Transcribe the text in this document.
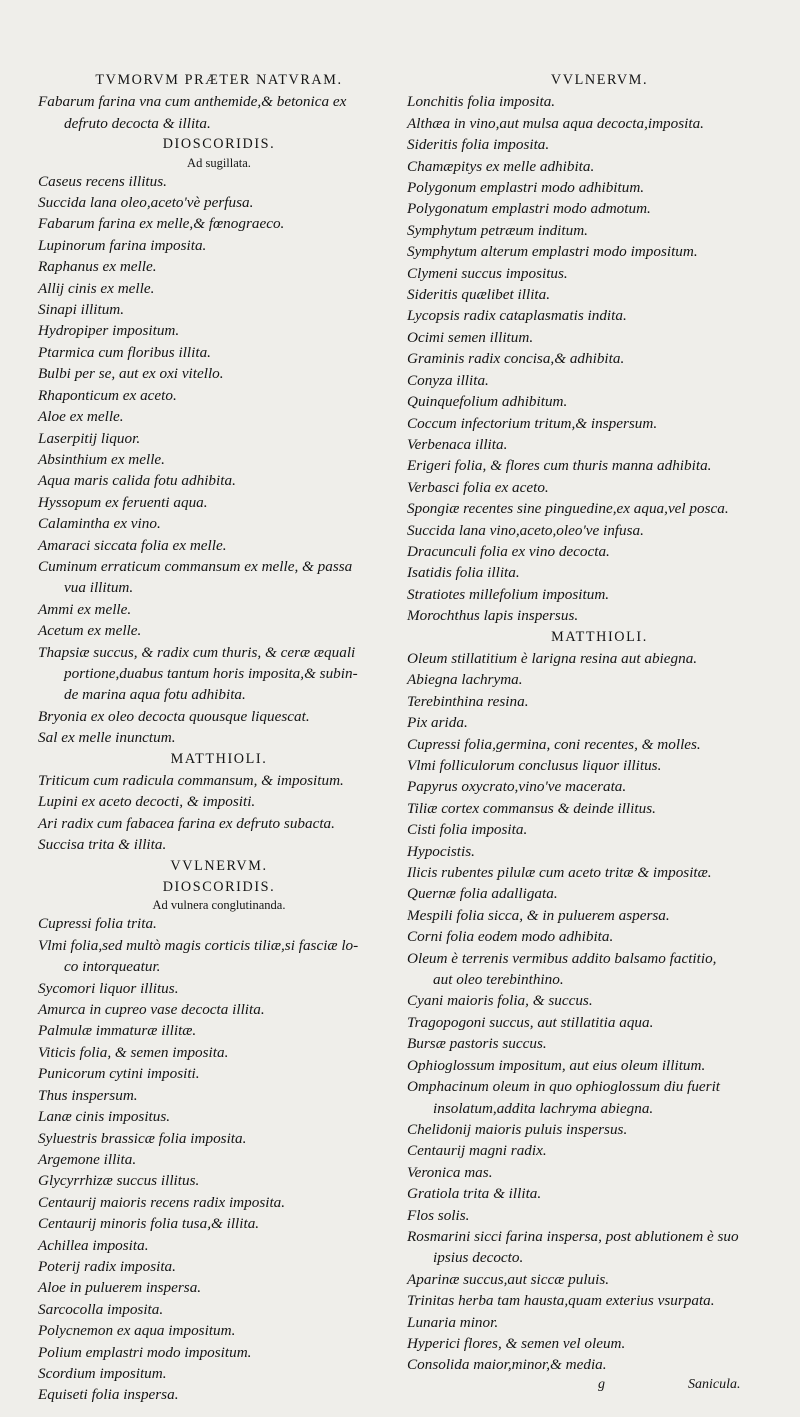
TVMORVM PRÆTER NATVRAM.
Fabarum farina vna cum anthemide,& betonica ex
defruto decocta & illita.
DIOSCORIDIS.
Ad sugillata.
Caseus recens illitus.
Succida lana oleo,aceto'vè perfusa.
Fabarum farina ex melle,& fœnograeco.
Lupinorum farina imposita.
Raphanus ex melle.
Allij cinis ex melle.
Sinapi illitum.
Hydropiper impositum.
Ptarmica cum floribus illita.
Bulbi per se, aut ex oxi vitello.
Rhaponticum ex aceto.
Aloe ex melle.
Laserpitij liquor.
Absinthium ex melle.
Aqua maris calida fotu adhibita.
Hyssopum ex feruenti aqua.
Calamintha ex vino.
Amaraci siccata folia ex melle.
Cuminum erraticum commansum ex melle, & passa
vua illitum.
Ammi ex melle.
Acetum ex melle.
Thapsiæ succus, & radix cum thuris, & ceræ æquali
portione,duabus tantum horis imposita,& subin-
de marina aqua fotu adhibita.
Bryonia ex oleo decocta quousque liquescat.
Sal ex melle inunctum.
MATTHIOLI.
Triticum cum radicula commansum, & impositum.
Lupini ex aceto decocti, & impositi.
Ari radix cum fabacea farina ex defruto subacta.
Succisa trita & illita.
VVLNERVM.
DIOSCORIDIS.
Ad vulnera conglutinanda.
Cupressi folia trita.
Vlmi folia,sed multò magis corticis tiliæ,si fasciæ lo-
co intorqueatur.
Sycomori liquor illitus.
Amurca in cupreo vase decocta illita.
Palmulæ immaturæ illitæ.
Viticis folia, & semen imposita.
Punicorum cytini impositi.
Thus inspersum.
Lanæ cinis impositus.
Syluestris brassicæ folia imposita.
Argemone illita.
Glycyrrhizæ succus illitus.
Centaurij maioris recens radix imposita.
Centaurij minoris folia tusa,& illita.
Achillea imposita.
Poterij radix imposita.
Aloe in puluerem inspersa.
Sarcocolla imposita.
Polycnemon ex aqua impositum.
Polium emplastri modo impositum.
Scordium impositum.
Equiseti folia inspersa.
VVLNERVM.
Lonchitis folia imposita.
Althæa in vino,aut mulsa aqua decocta,imposita.
Sideritis folia imposita.
Chamæpitys ex melle adhibita.
Polygonum emplastri modo adhibitum.
Polygonatum emplastri modo admotum.
Symphytum petræum inditum.
Symphytum alterum emplastri modo impositum.
Clymeni succus impositus.
Sideritis quælibet illita.
Lycopsis radix cataplasmatis indita.
Ocimi semen illitum.
Graminis radix concisa,& adhibita.
Conyza illita.
Quinquefolium adhibitum.
Coccum infectorium tritum,& inspersum.
Verbenaca illita.
Erigeri folia, & flores cum thuris manna adhibita.
Verbasci folia ex aceto.
Spongiæ recentes sine pinguedine,ex aqua,vel posca.
Succida lana vino,aceto,oleo've infusa.
Dracunculi folia ex vino decocta.
Isatidis folia illita.
Stratiotes millefolium impositum.
Morochthus lapis inspersus.
MATTHIOLI.
Oleum stillatitium è larigna resina aut abiegna.
Abiegna lachryma.
Terebinthina resina.
Pix arida.
Cupressi folia,germina, coni recentes, & molles.
Vlmi folliculorum conclusus liquor illitus.
Papyrus oxycrato,vino've macerata.
Tiliæ cortex commansus & deinde illitus.
Cisti folia imposita.
Hypocistis.
Ilicis rubentes pilulæ cum aceto tritæ & impositæ.
Quernæ folia adalligata.
Mespili folia sicca, & in puluerem aspersa.
Corni folia eodem modo adhibita.
Oleum è terrenis vermibus addito balsamo factitio,
aut oleo terebinthino.
Cyani maioris folia, & succus.
Tragopogoni succus, aut stillatitia aqua.
Bursæ pastoris succus.
Ophioglossum impositum, aut eius oleum illitum.
Omphacinum oleum in quo ophioglossum diu fuerit
insolatum,addita lachryma abiegna.
Chelidonij maioris puluis inspersus.
Centaurij magni radix.
Veronica mas.
Gratiola trita & illita.
Flos solis.
Rosmarini sicci farina inspersa, post ablutionem è suo
ipsius decocto.
Aparinæ succus,aut siccæ puluis.
Trinitas herba tam hausta,quam exterius vsurpata.
Lunaria minor.
Hyperici flores, & semen vel oleum.
Consolida maior,minor,& media.
g	Sanicula.
